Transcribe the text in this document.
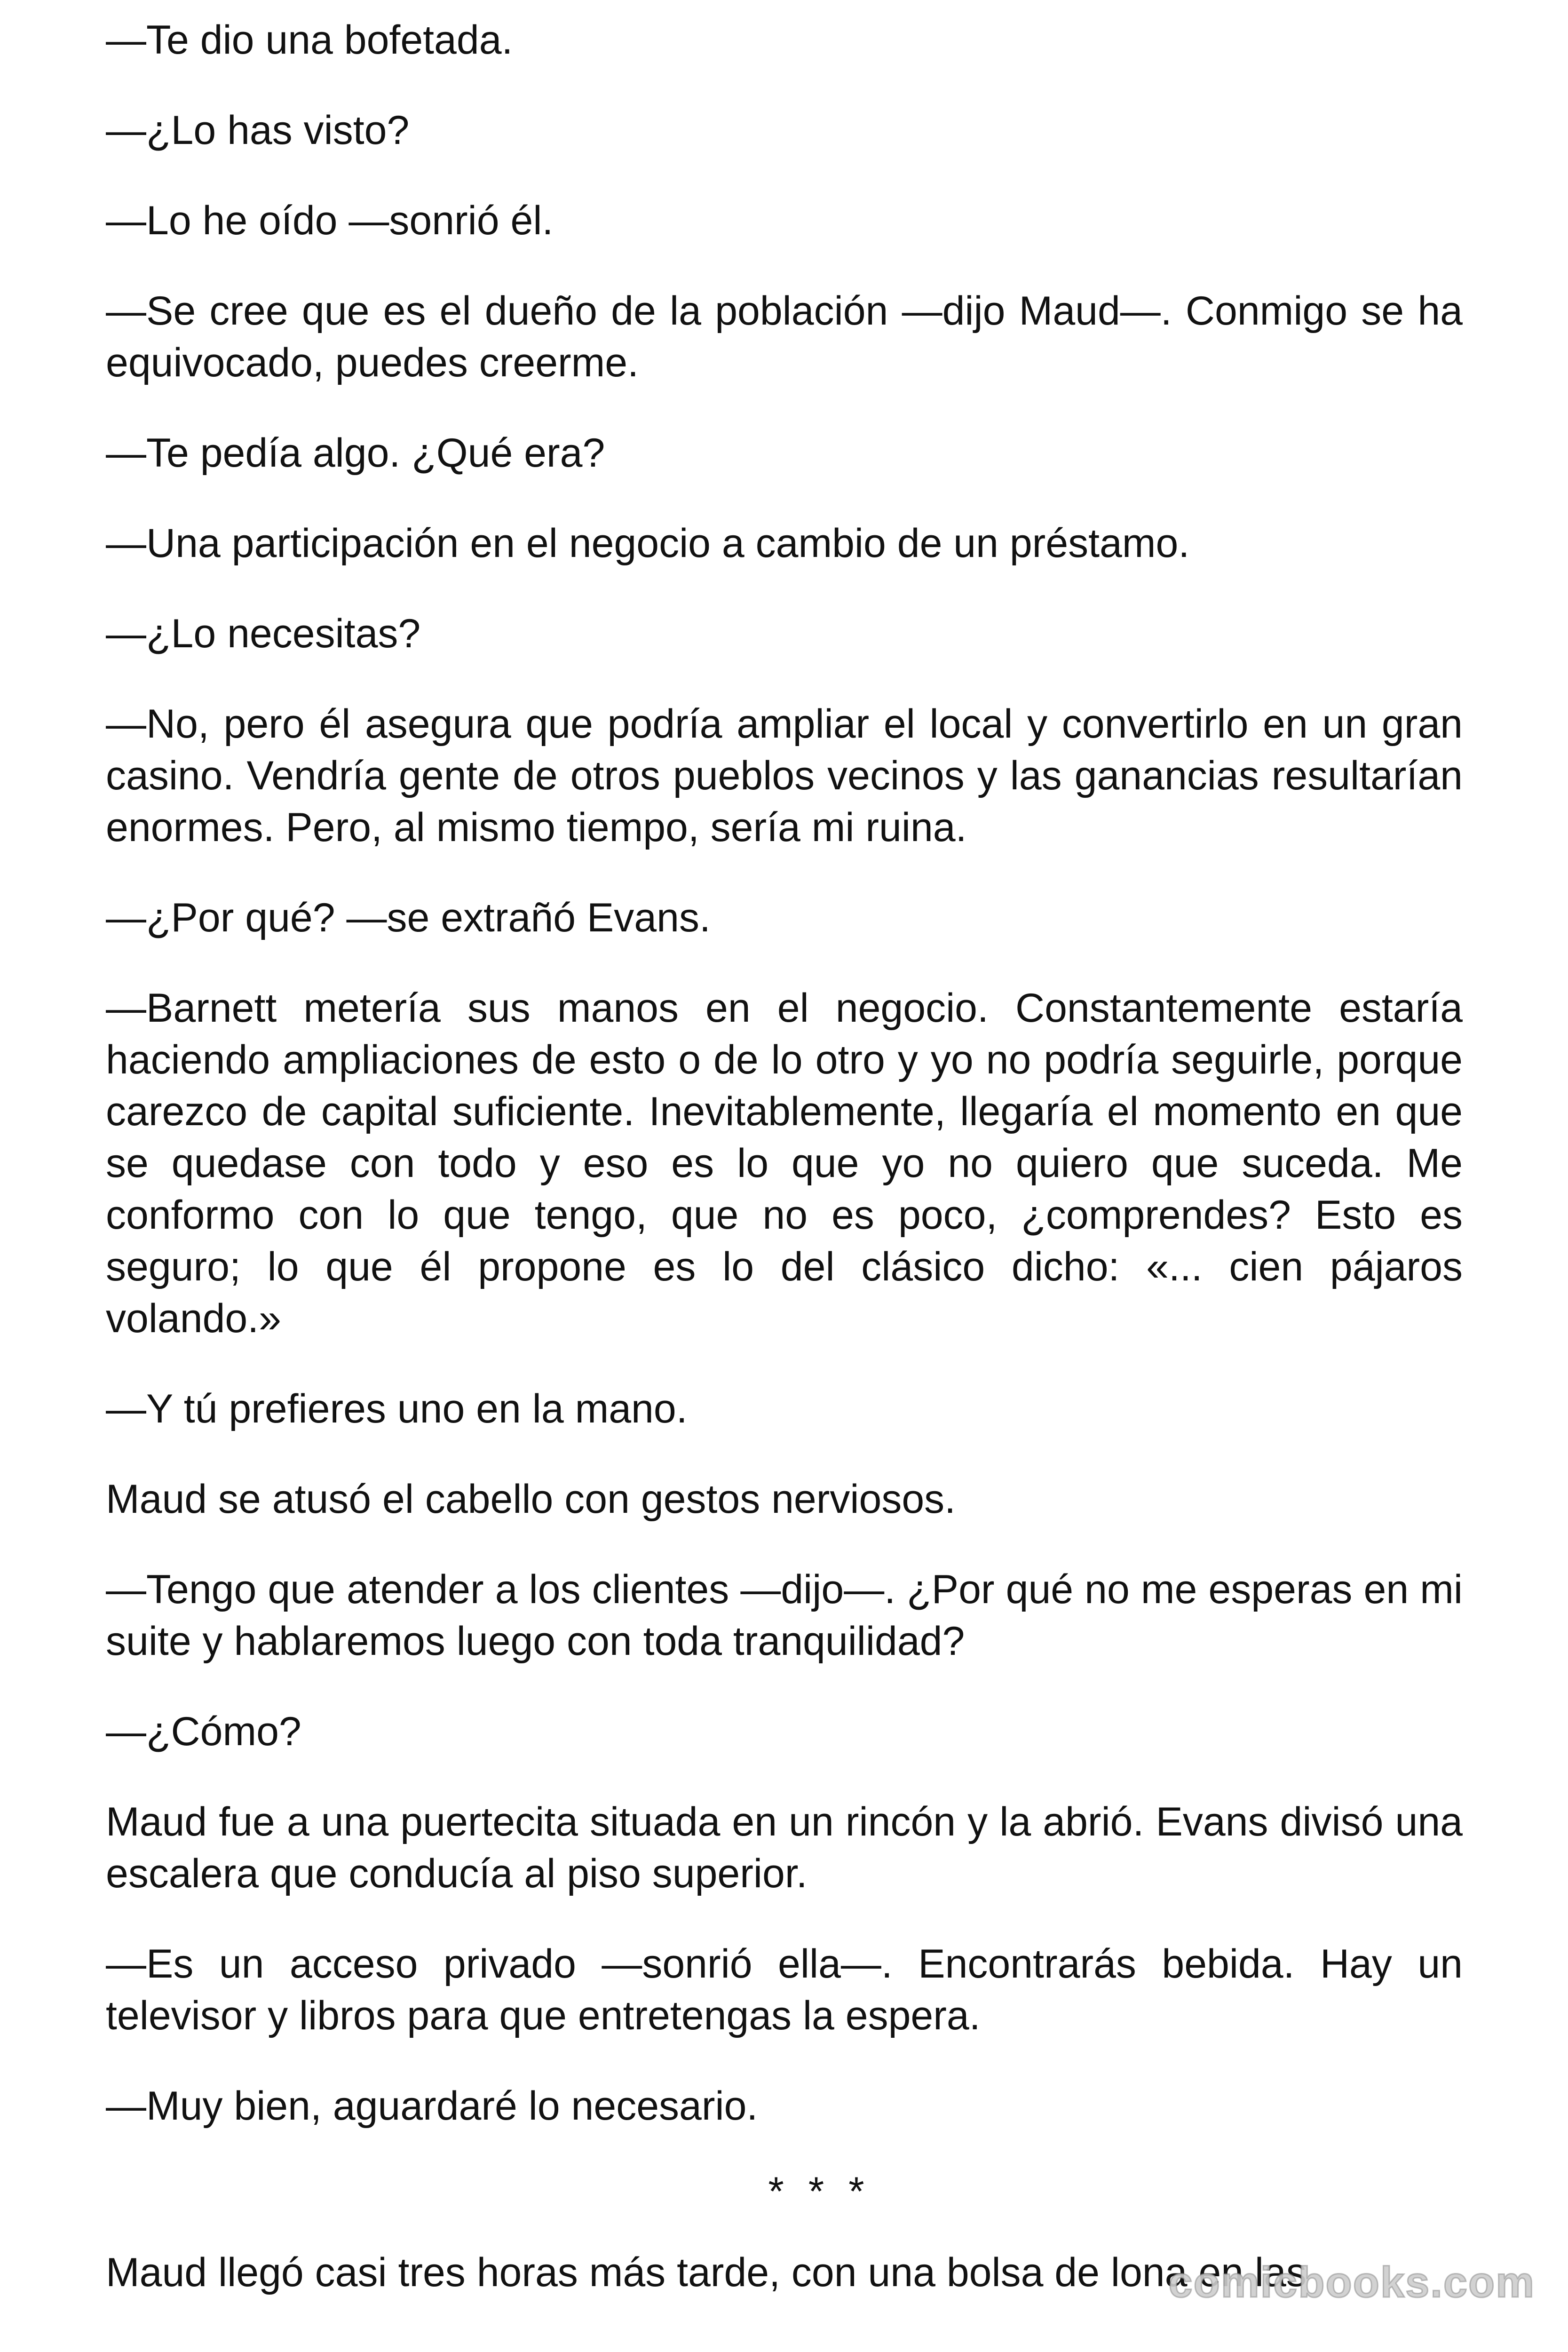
—Te dio una bofetada.

—¿Lo has visto?

—Lo he oído —sonrió él.

—Se cree que es el dueño de la población —dijo Maud—. Conmigo se ha equivocado, puedes creerme.

—Te pedía algo. ¿Qué era?

—Una participación en el negocio a cambio de un préstamo.

—¿Lo necesitas?

—No, pero él asegura que podría ampliar el local y convertirlo en un gran casino. Vendría gente de otros pueblos vecinos y las ganancias resultarían enormes. Pero, al mismo tiempo, sería mi ruina.

—¿Por qué? —se extrañó Evans.

—Barnett metería sus manos en el negocio. Constantemente estaría haciendo ampliaciones de esto o de lo otro y yo no podría seguirle, porque carezco de capital suficiente. Inevitablemente, llegaría el momento en que se quedase con todo y eso es lo que yo no quiero que suceda. Me conformo con lo que tengo, que no es poco, ¿comprendes? Esto es seguro; lo que él propone es lo del clásico dicho: «... cien pájaros volando.»

—Y tú prefieres uno en la mano.

Maud se atusó el cabello con gestos nerviosos.

—Tengo que atender a los clientes —dijo—. ¿Por qué no me esperas en mi suite y hablaremos luego con toda tranquilidad?

—¿Cómo?

Maud fue a una puertecita situada en un rincón y la abrió. Evans divisó una escalera que conducía al piso superior.

—Es un acceso privado —sonrió ella—. Encontrarás bebida. Hay un televisor y libros para que entretengas la espera.

—Muy bien, aguardaré lo necesario.

* * *

Maud llegó casi tres horas más tarde, con una bolsa de lona en las

comicbooks.com
